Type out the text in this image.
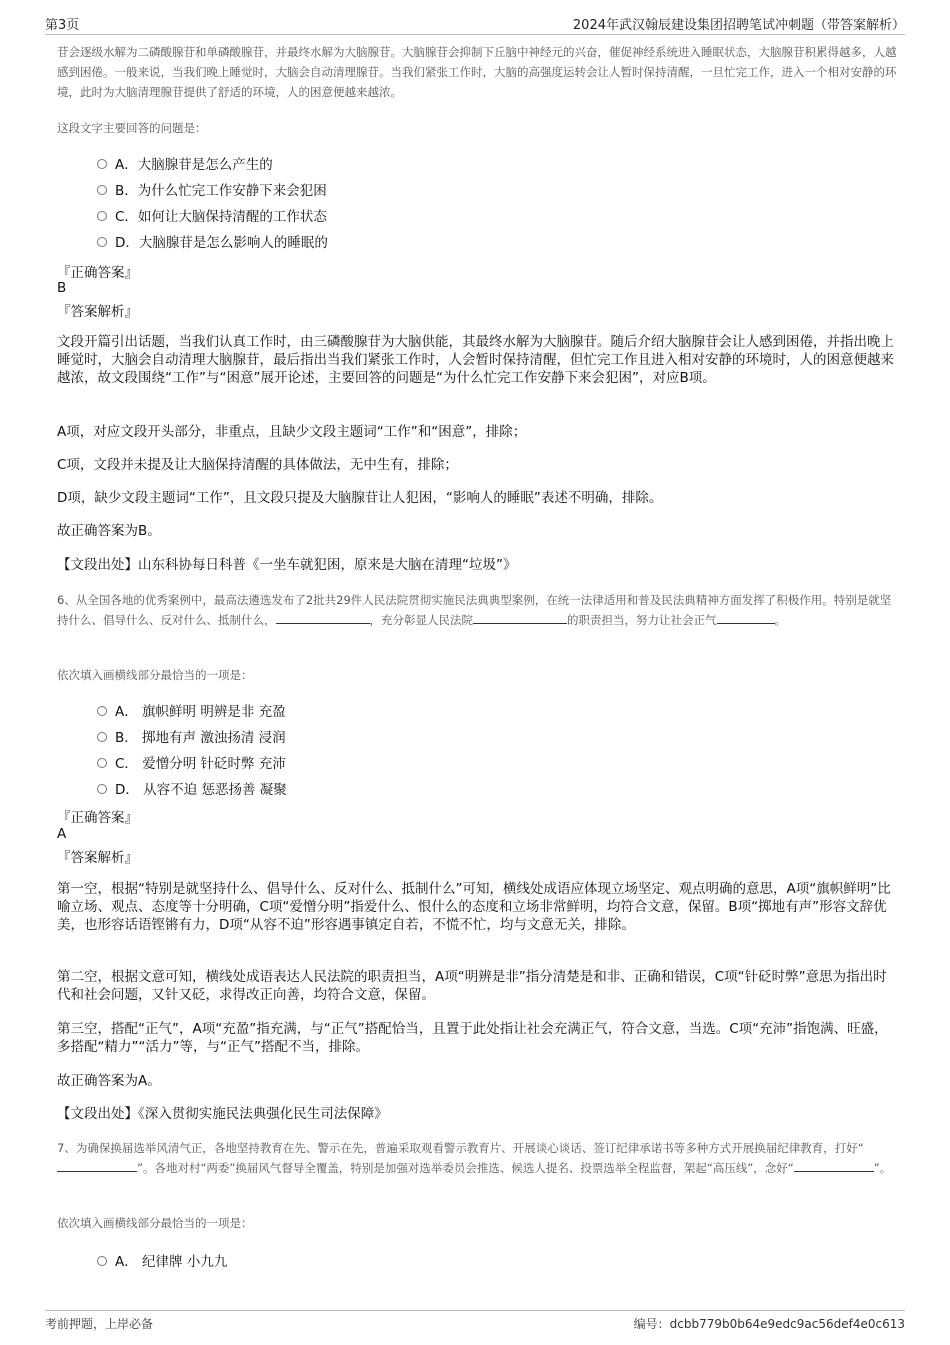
第3页	2024年武汉翰辰建设集团招聘笔试冲刺题（带答案解析）
苷会逐级水解为二磷酸腺苷和单磷酸腺苷，并最终水解为大脑腺苷。大脑腺苷会抑制下丘脑中神经元的兴奋，催促神经系统进入睡眠状态，大脑腺苷积累得越多，人越感到困倦。一般来说，当我们晚上睡觉时，大脑会自动清理腺苷。当我们紧张工作时，大脑的高强度运转会让人暂时保持清醒，一旦忙完工作，进入一个相对安静的环境，此时为大脑清理腺苷提供了舒适的环境，人的困意便越来越浓。
这段文字主要回答的问题是：
A．大脑腺苷是怎么产生的
B．为什么忙完工作安静下来会犯困
C．如何让大脑保持清醒的工作状态
D．大脑腺苷是怎么影响人的睡眠的
『正确答案』
B
『答案解析』
文段开篇引出话题，当我们认真工作时，由三磷酸腺苷为大脑供能，其最终水解为大脑腺苷。随后介绍大脑腺苷会让人感到困倦，并指出晚上睡觉时，大脑会自动清理大脑腺苷，最后指出当我们紧张工作时，人会暂时保持清醒，但忙完工作且进入相对安静的环境时，人的困意便越来越浓，故文段围绕“工作”与“困意”展开论述，主要回答的问题是“为什么忙完工作安静下来会犯困”，对应B项。
A项，对应文段开头部分，非重点，且缺少文段主题词“工作”和“困意”，排除；
C项，文段并未提及让大脑保持清醒的具体做法，无中生有，排除；
D项，缺少文段主题词“工作”，且文段只提及大脑腺苷让人犯困，“影响人的睡眠”表述不明确，排除。
故正确答案为B。
【文段出处】山东科协每日科普《一坐车就犯困，原来是大脑在清理“垃圾”》
6、从全国各地的优秀案例中，最高法遴选发布了2批共29件人民法院贯彻实施民法典典型案例，在统一法律适用和普及民法典精神方面发挥了积极作用。特别是就坚持什么、倡导什么、反对什么、抵制什么，	，充分彰显人民法院	的职责担当，努力让社会正气	。
依次填入画横线部分最恰当的一项是：
A． 旗帜鲜明 明辨是非 充盈
B． 掷地有声 激浊扬清 浸润
C． 爱憎分明 针砭时弊 充沛
D． 从容不迫 惩恶扬善 凝聚
『正确答案』
A
『答案解析』
第一空，根据“特别是就坚持什么、倡导什么、反对什么、抵制什么”可知，横线处成语应体现立场坚定、观点明确的意思，A项“旗帜鲜明”比喻立场、观点、态度等十分明确，C项“爱憎分明”指爱什么、恨什么的态度和立场非常鲜明，均符合文意，保留。B项“掷地有声”形容文辞优美，也形容话语铿锵有力，D项“从容不迫”形容遇事镇定自若，不慌不忙，均与文意无关，排除。
第二空，根据文意可知，横线处成语表达人民法院的职责担当，A项“明辨是非”指分清楚是和非、正确和错误，C项“针砭时弊”意思为指出时代和社会问题，又针又砭，求得改正向善，均符合文意，保留。
第三空，搭配“正气”，A项“充盈”指充满，与“正气”搭配恰当，且置于此处指让社会充满正气，符合文意，当选。C项“充沛”指饱满、旺盛，多搭配“精力”“活力”等，与“正气”搭配不当，排除。
故正确答案为A。
【文段出处】《深入贯彻实施民法典强化民生司法保障》
7、为确保换届选举风清气正，各地坚持教育在先、警示在先，普遍采取观看警示教育片、开展谈心谈话、签订纪律承诺书等多种方式开展换届纪律教育，打好“”。各地对村“两委”换届风气督导全覆盖，特别是加强对选举委员会推选、候选人提名、投票选举全程监督，架起“高压线”，念好“	”。
依次填入画横线部分最恰当的一项是：
A． 纪律牌 小九九
考前押题，上岸必备	编号：dcbb779b0b64e9edc9ac56def4e0c613
